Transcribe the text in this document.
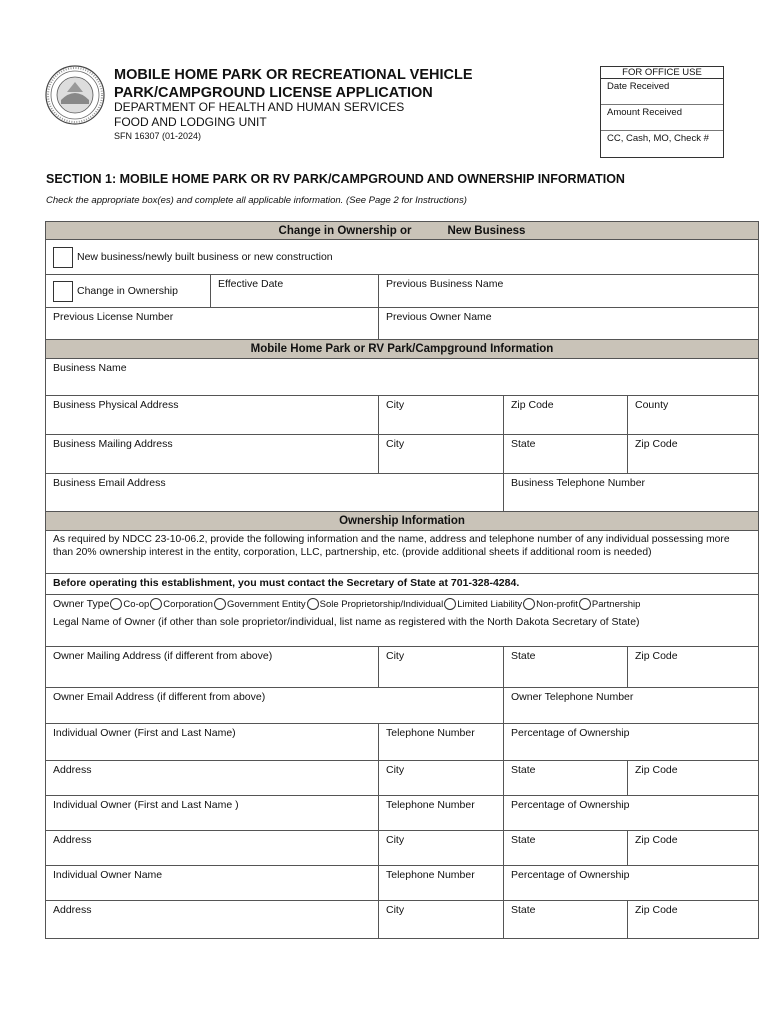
MOBILE HOME PARK OR RECREATIONAL VEHICLE
PARK/CAMPGROUND LICENSE APPLICATION
DEPARTMENT OF HEALTH AND HUMAN SERVICES
FOOD AND LODGING UNIT
SFN 16307 (01-2024)
FOR OFFICE USE
Date Received
Amount Received
CC, Cash, MO, Check #
SECTION 1: MOBILE HOME PARK OR RV PARK/CAMPGROUND AND OWNERSHIP INFORMATION
Check the appropriate box(es) and complete all applicable information. (See Page 2 for Instructions)
Change in Ownership or	New Business
New business/newly built business or new construction
Change in Ownership
Effective Date	Previous Business Name
Previous License Number	Previous Owner Name
Mobile Home Park or RV Park/Campground Information
Business Name
Business Physical Address	City	Zip Code	County
Business Mailing Address	City	State	Zip Code
Business Email Address	Business Telephone Number
Ownership Information
As required by NDCC 23-10-06.2, provide the following information and the name, address and telephone number of any individual possessing more than 20% ownership interest in the entity, corporation, LLC, partnership, etc. (provide additional sheets if additional room is needed)
Before operating this establishment, you must contact the Secretary of State at 701-328-4284.
Owner Type Co-op Corporation Government Entity Sole Proprietorship/Individual Limited Liability Non-profit Partnership
Legal Name of Owner (if other than sole proprietor/individual, list name as registered with the North Dakota Secretary of State)
Owner Mailing Address (if different from above)	City	State	Zip Code
Owner Email Address (if different from above)	Owner Telephone Number
Individual Owner (First and Last Name)	Telephone Number	Percentage of Ownership
Address	City	State	Zip Code
Individual Owner (First and Last Name )	Telephone Number	Percentage of Ownership
Address	City	State	Zip Code
Individual Owner Name	Telephone Number	Percentage of Ownership
Address	City	State	Zip Code
